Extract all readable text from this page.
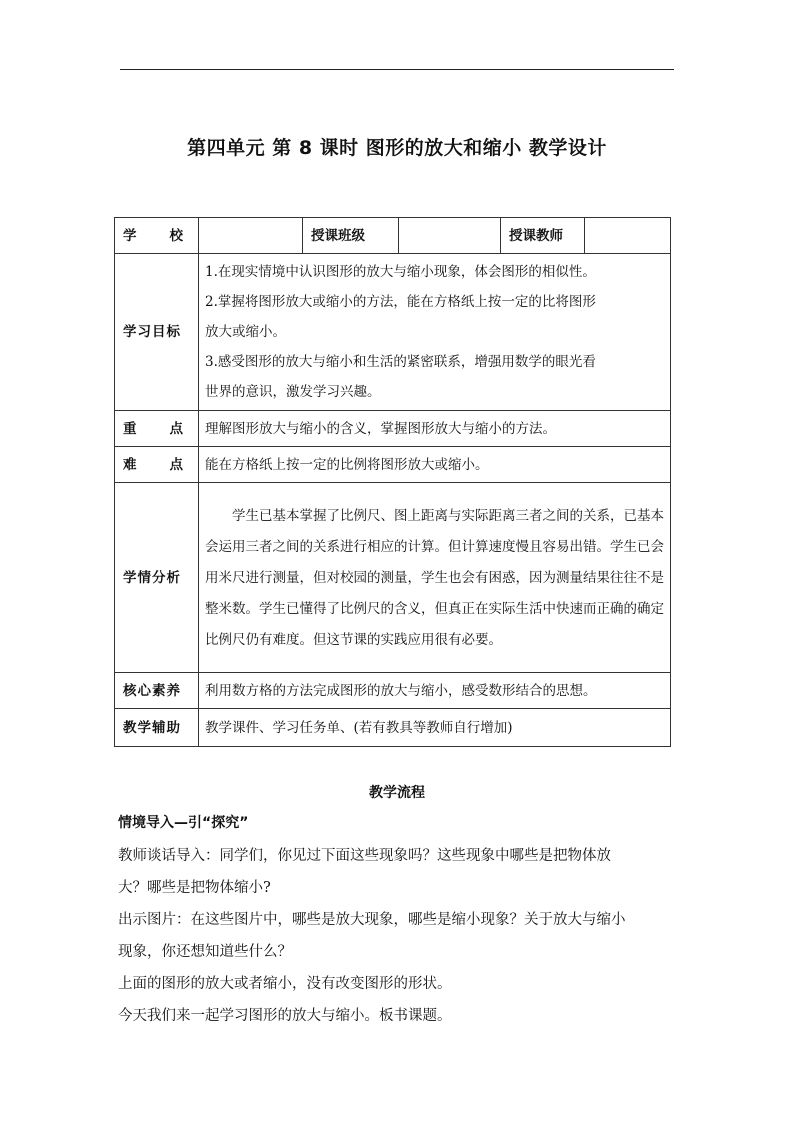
第四单元 第 8 课时 图形的放大和缩小 教学设计
学 校		授课班级		授课教师	
学习目标	1.在现实情境中认识图形的放大与缩小现象，体会图形的相似性。
2.掌握将图形放大或缩小的方法，能在方格纸上按一定的比将图形
放大或缩小。
3.感受图形的放大与缩小和生活的紧密联系，增强用数学的眼光看
世界的意识，激发学习兴趣。				

重 点	理解图形放大与缩小的含义，掌握图形放大与缩小的方法。				

难 点	能在方格纸上按一定的比例将图形放大或缩小。				
学情分析	学生已基本掌握了比例尺、图上距离与实际距离三者之间的关系，已基本会运用三者之间的关系进行相应的计算。但计算速度慢且容易出错。学生已会用米尺进行测量，但对校园的测量，学生也会有困惑，因为测量结果往往不是整米数。学生已懂得了比例尺的含义，但真正在实际生活中快速而正确的确定比例尺仍有难度。但这节课的实践应用很有必要。				

核心素养	利用数方格的方法完成图形的放大与缩小，感受数形结合的思想。				
教学辅助	教学课件、学习任务单、(若有教具等教师自行增加)				
教学流程
情境导入—引“探究”
教师谈话导入：同学们，你见过下面这些现象吗？这些现象中哪些是把物体放
大？哪些是把物体缩小?
出示图片：在这些图片中，哪些是放大现象，哪些是缩小现象？关于放大与缩小
现象，你还想知道些什么？
上面的图形的放大或者缩小，没有改变图形的形状。
今天我们来一起学习图形的放大与缩小。板书课题。
